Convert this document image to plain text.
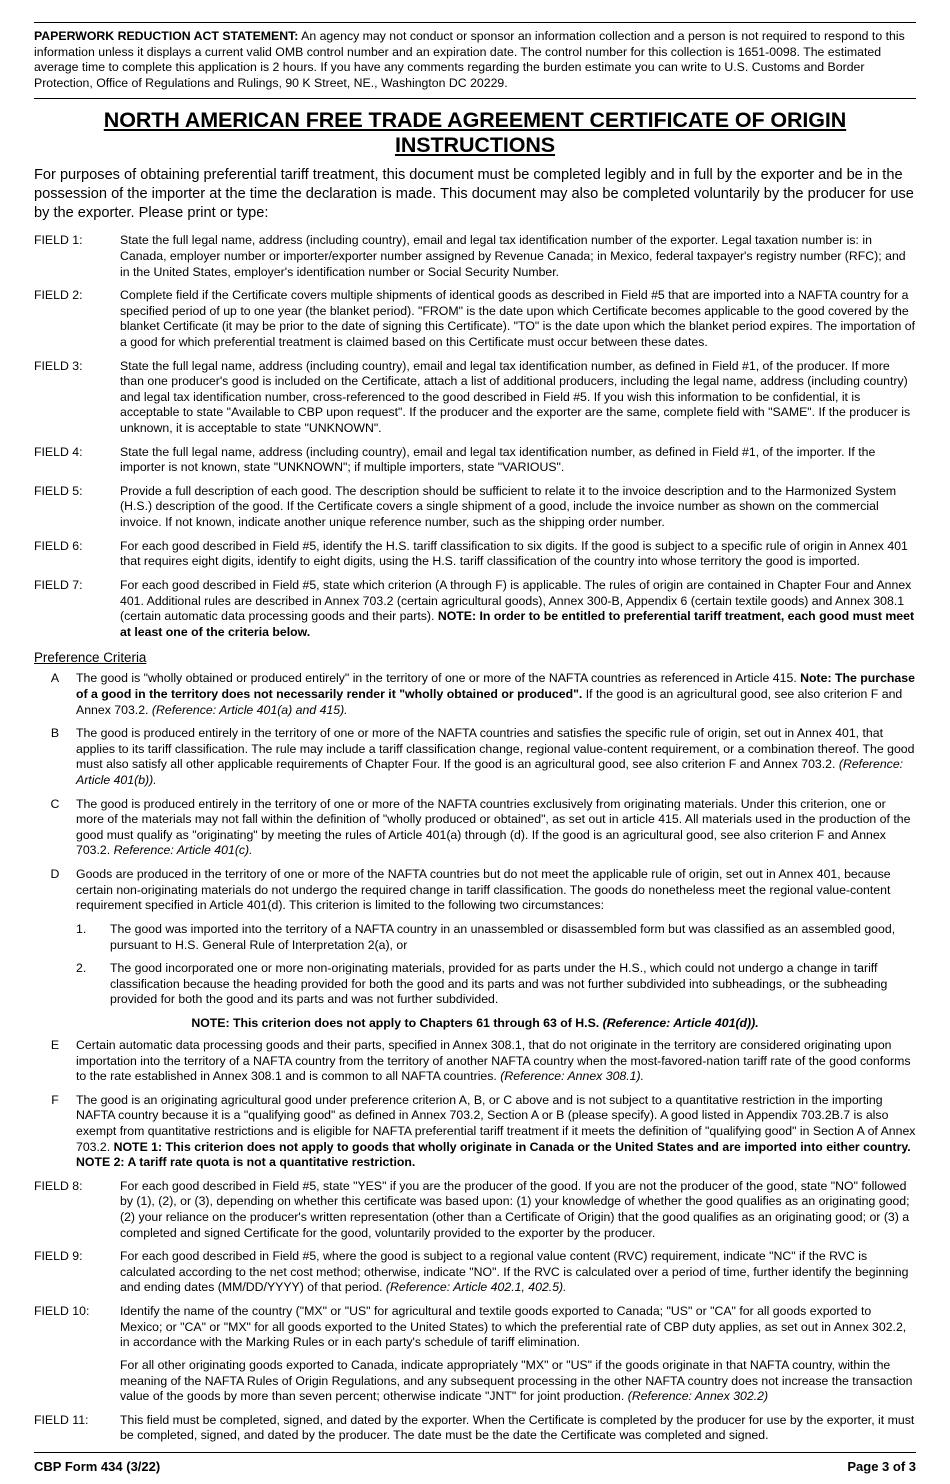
PAPERWORK REDUCTION ACT STATEMENT: An agency may not conduct or sponsor an information collection and a person is not required to respond to this information unless it displays a current valid OMB control number and an expiration date. The control number for this collection is 1651-0098. The estimated average time to complete this application is 2 hours. If you have any comments regarding the burden estimate you can write to U.S. Customs and Border Protection, Office of Regulations and Rulings, 90 K Street, NE., Washington DC 20229.
NORTH AMERICAN FREE TRADE AGREEMENT CERTIFICATE OF ORIGIN INSTRUCTIONS
For purposes of obtaining preferential tariff treatment, this document must be completed legibly and in full by the exporter and be in the possession of the importer at the time the declaration is made. This document may also be completed voluntarily by the producer for use by the exporter. Please print or type:
FIELD 1:	State the full legal name, address (including country), email and legal tax identification number of the exporter. Legal taxation number is: in Canada, employer number or importer/exporter number assigned by Revenue Canada; in Mexico, federal taxpayer's registry number (RFC); and in the United States, employer's identification number or Social Security Number.
FIELD 2:	Complete field if the Certificate covers multiple shipments of identical goods as described in Field #5 that are imported into a NAFTA country for a specified period of up to one year (the blanket period). "FROM" is the date upon which Certificate becomes applicable to the good covered by the blanket Certificate (it may be prior to the date of signing this Certificate). "TO" is the date upon which the blanket period expires. The importation of a good for which preferential treatment is claimed based on this Certificate must occur between these dates.
FIELD 3:	State the full legal name, address (including country), email and legal tax identification number, as defined in Field #1, of the producer. If more than one producer's good is included on the Certificate, attach a list of additional producers, including the legal name, address (including country) and legal tax identification number, cross-referenced to the good described in Field #5. If you wish this information to be confidential, it is acceptable to state "Available to CBP upon request". If the producer and the exporter are the same, complete field with "SAME". If the producer is unknown, it is acceptable to state "UNKNOWN".
FIELD 4:	State the full legal name, address (including country), email and legal tax identification number, as defined in Field #1, of the importer. If the importer is not known, state "UNKNOWN"; if multiple importers, state "VARIOUS".
FIELD 5:	Provide a full description of each good. The description should be sufficient to relate it to the invoice description and to the Harmonized System (H.S.) description of the good. If the Certificate covers a single shipment of a good, include the invoice number as shown on the commercial invoice. If not known, indicate another unique reference number, such as the shipping order number.
FIELD 6:	For each good described in Field #5, identify the H.S. tariff classification to six digits. If the good is subject to a specific rule of origin in Annex 401 that requires eight digits, identify to eight digits, using the H.S. tariff classification of the country into whose territory the good is imported.
FIELD 7:	For each good described in Field #5, state which criterion (A through F) is applicable. The rules of origin are contained in Chapter Four and Annex 401. Additional rules are described in Annex 703.2 (certain agricultural goods), Annex 300-B, Appendix 6 (certain textile goods) and Annex 308.1 (certain automatic data processing goods and their parts). NOTE: In order to be entitled to preferential tariff treatment, each good must meet at least one of the criteria below.
Preference Criteria
A	The good is "wholly obtained or produced entirely" in the territory of one or more of the NAFTA countries as referenced in Article 415. Note: The purchase of a good in the territory does not necessarily render it "wholly obtained or produced". If the good is an agricultural good, see also criterion F and Annex 703.2. (Reference: Article 401(a) and 415).
B	The good is produced entirely in the territory of one or more of the NAFTA countries and satisfies the specific rule of origin, set out in Annex 401, that applies to its tariff classification. The rule may include a tariff classification change, regional value-content requirement, or a combination thereof. The good must also satisfy all other applicable requirements of Chapter Four. If the good is an agricultural good, see also criterion F and Annex 703.2. (Reference: Article 401(b)).
C	The good is produced entirely in the territory of one or more of the NAFTA countries exclusively from originating materials. Under this criterion, one or more of the materials may not fall within the definition of "wholly produced or obtained", as set out in article 415. All materials used in the production of the good must qualify as "originating" by meeting the rules of Article 401(a) through (d). If the good is an agricultural good, see also criterion F and Annex 703.2. Reference: Article 401(c).
D	Goods are produced in the territory of one or more of the NAFTA countries but do not meet the applicable rule of origin, set out in Annex 401, because certain non-originating materials do not undergo the required change in tariff classification. The goods do nonetheless meet the regional value-content requirement specified in Article 401(d). This criterion is limited to the following two circumstances:
1.	The good was imported into the territory of a NAFTA country in an unassembled or disassembled form but was classified as an assembled good, pursuant to H.S. General Rule of Interpretation 2(a), or
2.	The good incorporated one or more non-originating materials, provided for as parts under the H.S., which could not undergo a change in tariff classification because the heading provided for both the good and its parts and was not further subdivided into subheadings, or the subheading provided for both the good and its parts and was not further subdivided.
NOTE: This criterion does not apply to Chapters 61 through 63 of H.S. (Reference: Article 401(d)).
E	Certain automatic data processing goods and their parts, specified in Annex 308.1, that do not originate in the territory are considered originating upon importation into the territory of a NAFTA country from the territory of another NAFTA country when the most-favored-nation tariff rate of the good conforms to the rate established in Annex 308.1 and is common to all NAFTA countries. (Reference: Annex 308.1).
F	The good is an originating agricultural good under preference criterion A, B, or C above and is not subject to a quantitative restriction in the importing NAFTA country because it is a "qualifying good" as defined in Annex 703.2, Section A or B (please specify). A good listed in Appendix 703.2B.7 is also exempt from quantitative restrictions and is eligible for NAFTA preferential tariff treatment if it meets the definition of "qualifying good" in Section A of Annex 703.2. NOTE 1: This criterion does not apply to goods that wholly originate in Canada or the United States and are imported into either country. NOTE 2: A tariff rate quota is not a quantitative restriction.
FIELD 8:	For each good described in Field #5, state "YES" if you are the producer of the good. If you are not the producer of the good, state "NO" followed by (1), (2), or (3), depending on whether this certificate was based upon: (1) your knowledge of whether the good qualifies as an originating good; (2) your reliance on the producer's written representation (other than a Certificate of Origin) that the good qualifies as an originating good; or (3) a completed and signed Certificate for the good, voluntarily provided to the exporter by the producer.
FIELD 9:	For each good described in Field #5, where the good is subject to a regional value content (RVC) requirement, indicate "NC" if the RVC is calculated according to the net cost method; otherwise, indicate "NO". If the RVC is calculated over a period of time, further identify the beginning and ending dates (MM/DD/YYYY) of that period. (Reference: Article 402.1, 402.5).
FIELD 10:	Identify the name of the country ("MX" or "US" for agricultural and textile goods exported to Canada; "US" or "CA" for all goods exported to Mexico; or "CA" or "MX" for all goods exported to the United States) to which the preferential rate of CBP duty applies, as set out in Annex 302.2, in accordance with the Marking Rules or in each party's schedule of tariff elimination.
For all other originating goods exported to Canada, indicate appropriately "MX" or "US" if the goods originate in that NAFTA country, within the meaning of the NAFTA Rules of Origin Regulations, and any subsequent processing in the other NAFTA country does not increase the transaction value of the goods by more than seven percent; otherwise indicate "JNT" for joint production. (Reference: Annex 302.2)
FIELD 11:	This field must be completed, signed, and dated by the exporter. When the Certificate is completed by the producer for use by the exporter, it must be completed, signed, and dated by the producer. The date must be the date the Certificate was completed and signed.
CBP Form 434 (3/22)	Page 3 of 3
